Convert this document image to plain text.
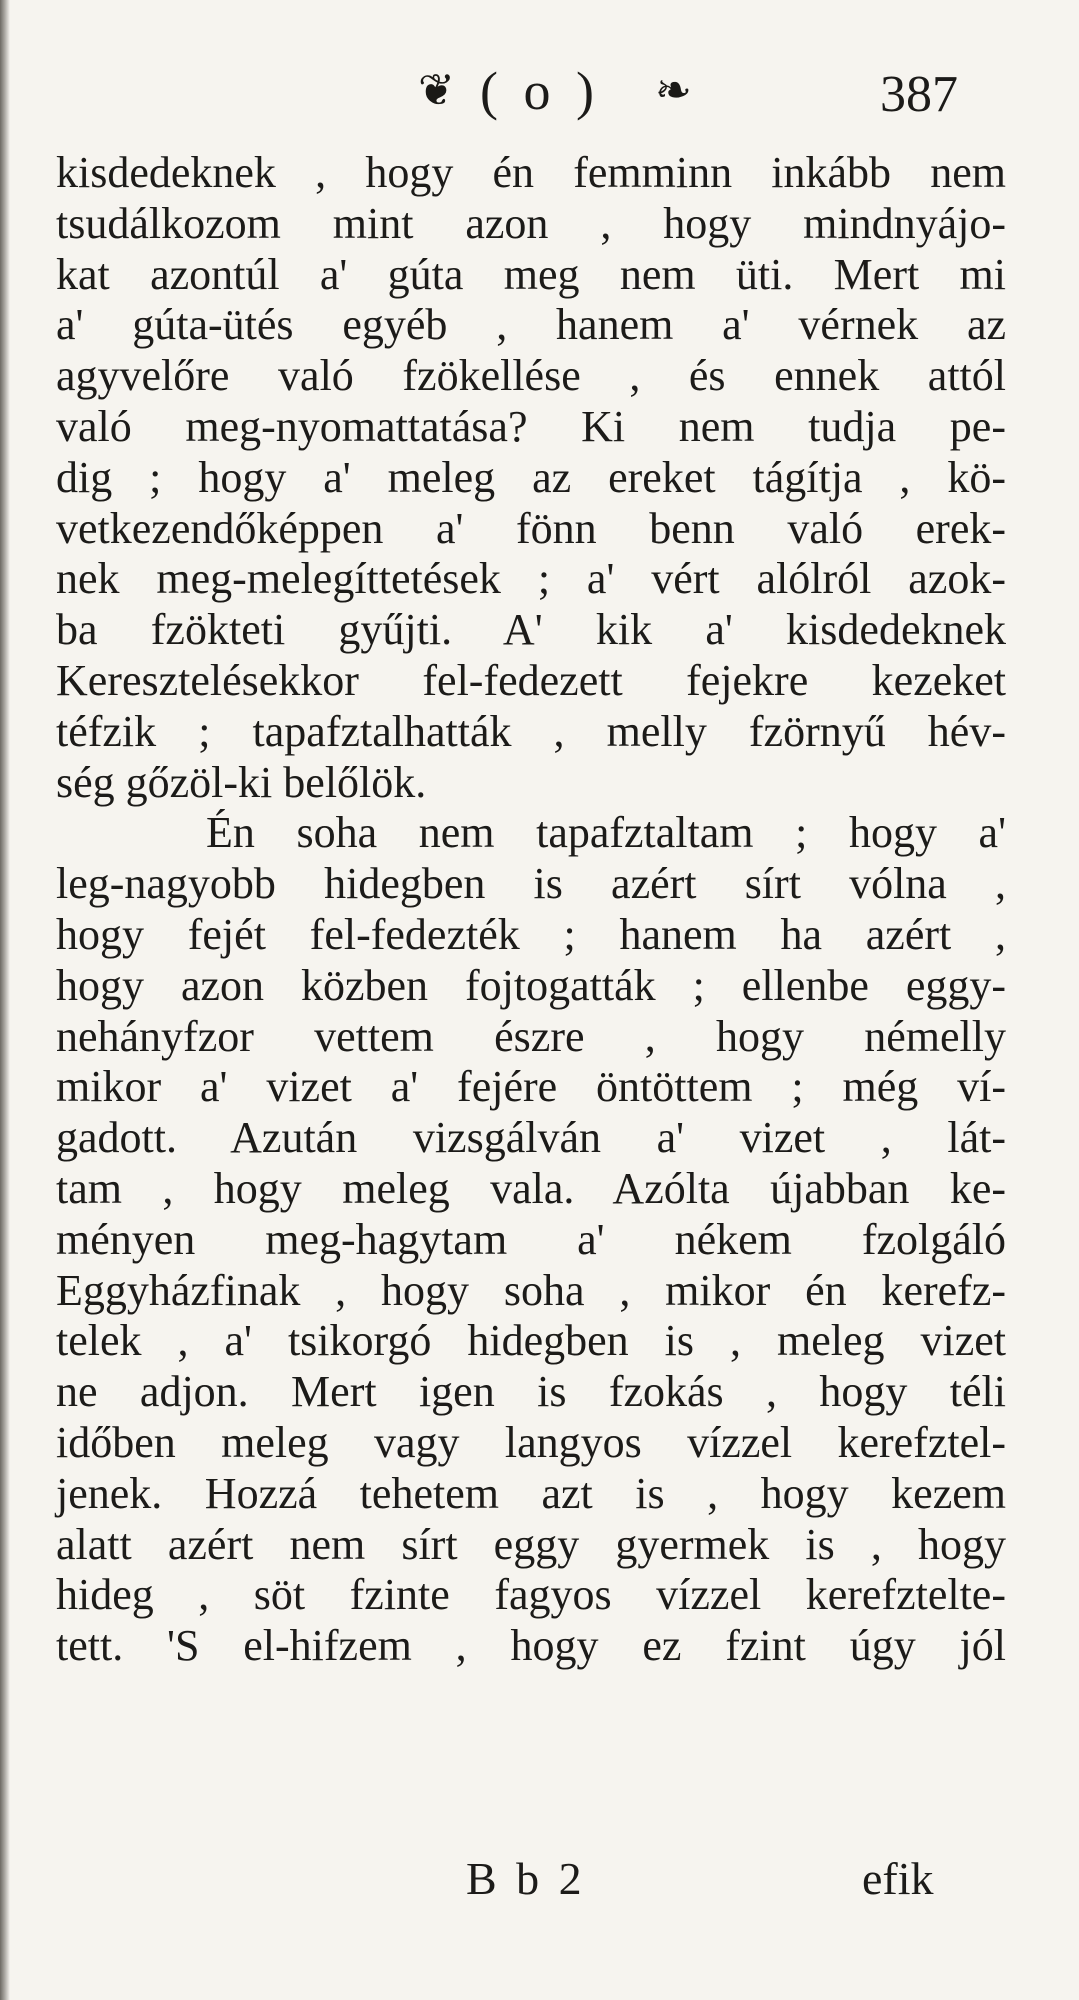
❦ ( o ) ❧	387
kisdedeknek , hogy én femminn inkább nem
tsudálkozom mint azon , hogy mindnyájo-
kat azontúl a' gúta meg nem üti. Mert mi
a' gúta-ütés egyéb , hanem a' vérnek az
agyvelőre való fzökellése , és ennek attól
való meg-nyomattatása? Ki nem tudja pe-
dig ; hogy a' meleg az ereket tágítja , kö-
vetkezendőképpen a' fönn benn való erek-
nek meg-melegíttetések ; a' vért alólról azok-
ba fzökteti gyűjti. A' kik a' kisdedeknek
Keresztelésekkor fel-fedezett fejekre kezeket
téfzik ; tapafztalhatták , melly fzörnyű hév-
ség gőzöl-ki belőlök.
Én soha nem tapafztaltam ; hogy a'
leg-nagyobb hidegben is azért sírt vólna ,
hogy fejét fel-fedezték ; hanem ha azért ,
hogy azon közben fojtogatták ; ellenbe eggy-
nehányfzor vettem észre , hogy némelly
mikor a' vizet a' fejére öntöttem ; még ví-
gadott. Azután vizsgálván a' vizet , lát-
tam , hogy meleg vala. Azólta újabban ke-
ményen meg-hagytam a' nékem fzolgáló
Eggyházfinak , hogy soha , mikor én kerefz-
telek , a' tsikorgó hidegben is , meleg vizet
ne adjon. Mert igen is fzokás , hogy téli
időben meleg vagy langyos vízzel kerefztel-
jenek. Hozzá tehetem azt is , hogy kezem
alatt azért nem sírt eggy gyermek is , hogy
hideg , söt fzinte fagyos vízzel kerefztelte-
tett. 'S el-hifzem , hogy ez fzint úgy jól
B b 2	efik
